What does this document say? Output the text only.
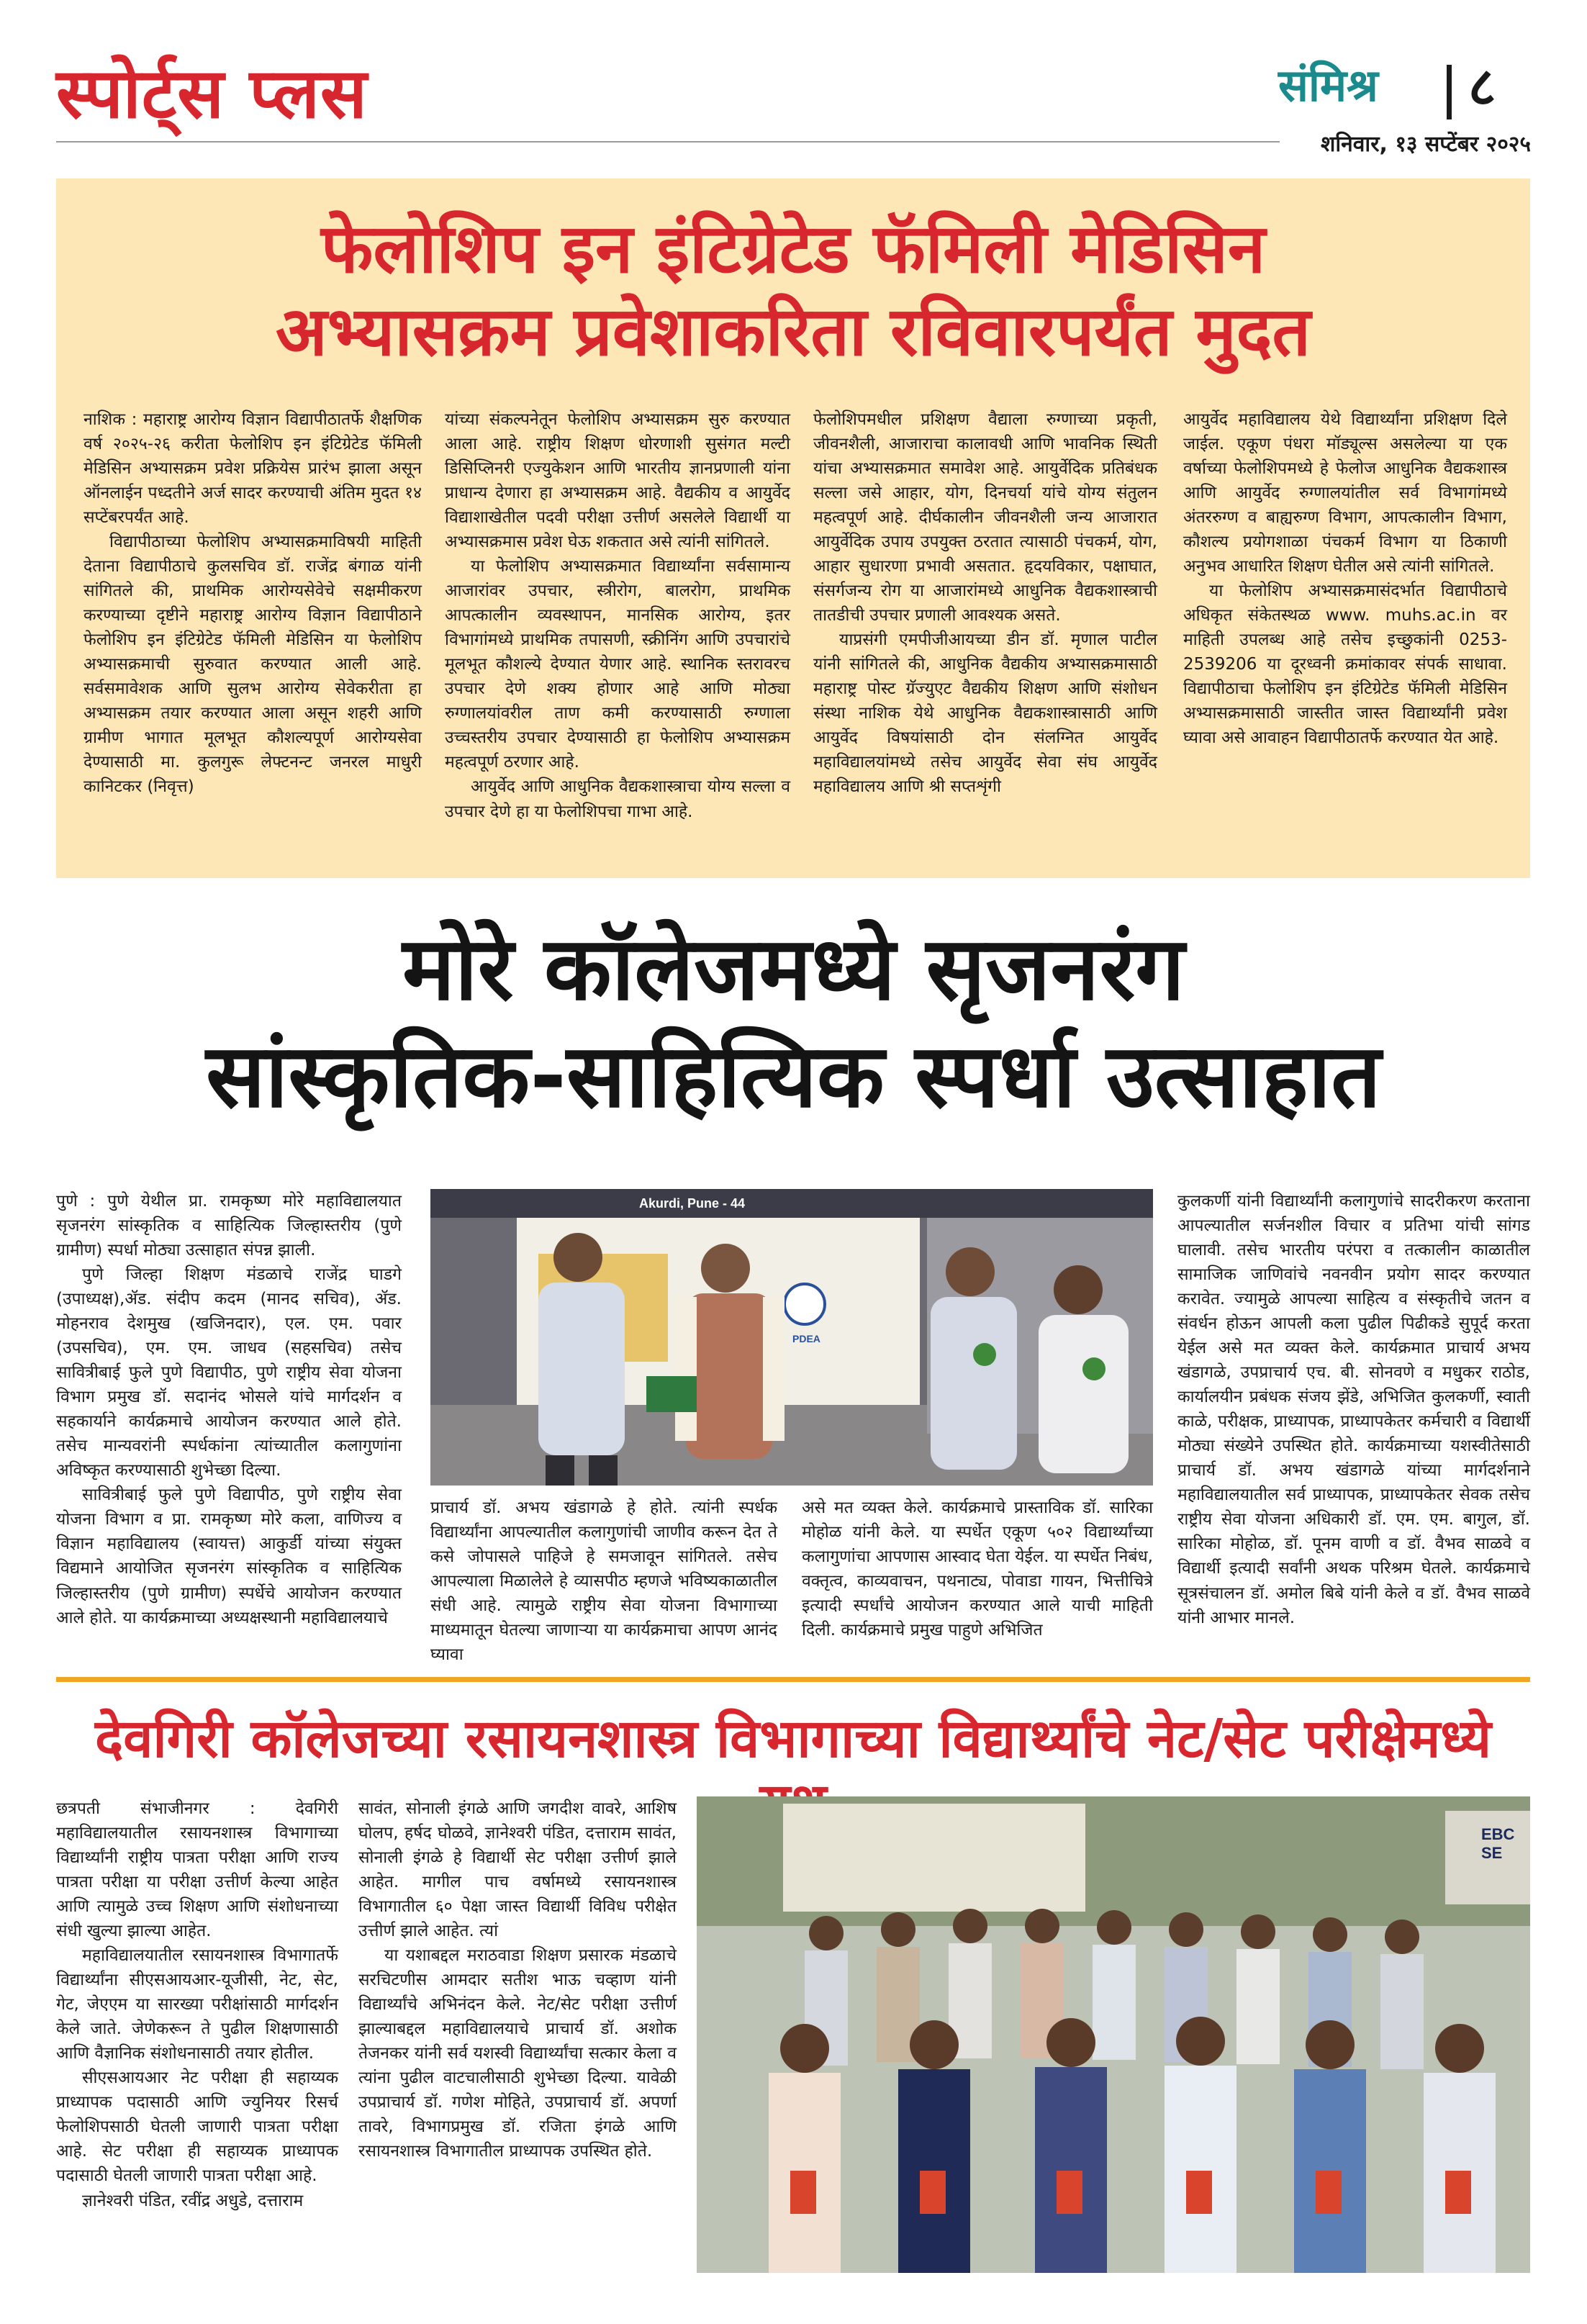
स्पोर्ट्स प्लस	संमिश्र ८
शनिवार, १३ सप्टेंबर २०२५
फेलोशिप इन इंटिग्रेटेड फॅमिली मेडिसिन
अभ्यासक्रम प्रवेशाकरिता रविवारपर्यंत मुदत

नाशिक : महाराष्ट्र आरोग्य विज्ञान विद्यापीठातर्फे शैक्षणिक वर्ष २०२५-२६ करीता फेलोशिप इन इंटिग्रेटेड फॅमिली मेडिसिन अभ्यासक्रम प्रवेश प्रक्रियेस प्रारंभ झाला असून ऑनलाईन पध्दतीने अर्ज सादर करण्याची अंतिम मुदत १४ सप्टेंबरपर्यंत आहे.

विद्यापीठाच्या फेलोशिप अभ्यासक्रमाविषयी माहिती देताना विद्यापीठाचे कुलसचिव डॉ. राजेंद्र बंगाळ यांनी सांगितले की, प्राथमिक आरोग्यसेवेचे सक्षमीकरण करण्याच्या दृष्टीने महाराष्ट्र आरोग्य विज्ञान विद्यापीठाने फेलोशिप इन इंटिग्रेटेड फॅमिली मेडिसिन या फेलोशिप अभ्यासक्रमाची सुरुवात करण्यात आली आहे. सर्वसमावेशक आणि सुलभ आरोग्य सेवेकरीता हा अभ्यासक्रम तयार करण्यात आला असून शहरी आणि ग्रामीण भागात मूलभूत कौशल्यपूर्ण आरोग्यसेवा देण्यासाठी मा. कुलगुरू लेफ्टनन्ट जनरल माधुरी कानिटकर (निवृत्त)

यांच्या संकल्पनेतून फेलोशिप अभ्यासक्रम सुरु करण्यात आला आहे. राष्ट्रीय शिक्षण धोरणाशी सुसंगत मल्टी डिसिप्लिनरी एज्युकेशन आणि भारतीय ज्ञानप्रणाली यांना प्राधान्य देणारा हा अभ्यासक्रम आहे. वैद्यकीय व आयुर्वेद विद्याशाखेतील पदवी परीक्षा उत्तीर्ण असलेले विद्यार्थी या अभ्यासक्रमास प्रवेश घेऊ शकतात असे त्यांनी सांगितले.

या फेलोशिप अभ्यासक्रमात विद्यार्थ्यांना सर्वसामान्य आजारांवर उपचार, स्त्रीरोग, बालरोग, प्राथमिक आपत्कालीन व्यवस्थापन, मानसिक आरोग्य, इतर विभागांमध्ये प्राथमिक तपासणी, स्क्रीनिंग आणि उपचारांचे मूलभूत कौशल्ये देण्यात येणार आहे. स्थानिक स्तरावरच उपचार देणे शक्य होणार आहे आणि मोठ्या रुग्णालयांवरील ताण कमी करण्यासाठी रुग्णाला उच्चस्तरीय उपचार देण्यासाठी हा फेलोशिप अभ्यासक्रम महत्वपूर्ण ठरणार आहे.

आयुर्वेद आणि आधुनिक वैद्यकशास्त्राचा योग्य सल्ला व उपचार देणे हा या फेलोशिपचा गाभा आहे.

फेलोशिपमधील प्रशिक्षण वैद्याला रुग्णाच्या प्रकृती, जीवनशैली, आजाराचा कालावधी आणि भावनिक स्थिती यांचा अभ्यासक्रमात समावेश आहे. आयुर्वेदिक प्रतिबंधक सल्ला जसे आहार, योग, दिनचर्या यांचे योग्य संतुलन महत्वपूर्ण आहे. दीर्घकालीन जीवनशैली जन्य आजारात आयुर्वेदिक उपाय उपयुक्त ठरतात त्यासाठी पंचकर्म, योग, आहार सुधारणा प्रभावी असतात. हृदयविकार, पक्षाघात, संसर्गजन्य रोग या आजारांमध्ये आधुनिक वैद्यकशास्त्राची तातडीची उपचार प्रणाली आवश्यक असते.

याप्रसंगी एमपीजीआयच्या डीन डॉ. मृणाल पाटील यांनी सांगितले की, आधुनिक वैद्यकीय अभ्यासक्रमासाठी महाराष्ट्र पोस्ट ग्रॅज्युएट वैद्यकीय शिक्षण आणि संशोधन संस्था नाशिक येथे आधुनिक वैद्यकशास्त्रासाठी आणि आयुर्वेद विषयांसाठी दोन संलग्नित आयुर्वेद महाविद्यालयांमध्ये तसेच आयुर्वेद सेवा संघ आयुर्वेद महाविद्यालय आणि श्री सप्तशृंगी

आयुर्वेद महाविद्यालय येथे विद्यार्थ्यांना प्रशिक्षण दिले जाईल. एकूण पंधरा मॉड्यूल्स असलेल्या या एक वर्षाच्या फेलोशिपमध्ये हे फेलोज आधुनिक वैद्यकशास्त्र आणि आयुर्वेद रुग्णालयांतील सर्व विभागांमध्ये अंतररुग्ण व बाह्यरुग्ण विभाग, आपत्कालीन विभाग, कौशल्य प्रयोगशाळा पंचकर्म विभाग या ठिकाणी अनुभव आधारित शिक्षण घेतील असे त्यांनी सांगितले.

या फेलोशिप अभ्यासक्रमासंदर्भात विद्यापीठाचे अधिकृत संकेतस्थळ www. muhs.ac.in वर माहिती उपलब्ध आहे तसेच इच्छुकांनी 0253-2539206 या दूरध्वनी क्रमांकावर संपर्क साधावा. विद्यापीठाचा फेलोशिप इन इंटिग्रेटेड फॅमिली मेडिसिन अभ्यासक्रमासाठी जास्तीत जास्त विद्यार्थ्यांनी प्रवेश घ्यावा असे आवाहन विद्यापीठातर्फे करण्यात येत आहे.

मोरे कॉलेजमध्ये सृजनरंग
सांस्कृतिक-साहित्यिक स्पर्धा उत्साहात

पुणे : पुणे येथील प्रा. रामकृष्ण मोरे महाविद्यालयात सृजनरंग सांस्कृतिक व साहित्यिक जिल्हास्तरीय (पुणे ग्रामीण) स्पर्धा मोठ्या उत्साहात संपन्न झाली.

पुणे जिल्हा शिक्षण मंडळाचे राजेंद्र घाडगे (उपाध्यक्ष),ॲड. संदीप कदम (मानद सचिव), ॲड. मोहनराव देशमुख (खजिनदार), एल. एम. पवार (उपसचिव), एम. एम. जाधव (सहसचिव) तसेच सावित्रीबाई फुले पुणे विद्यापीठ, पुणे राष्ट्रीय सेवा योजना विभाग प्रमुख डॉ. सदानंद भोसले यांचे मार्गदर्शन व सहकार्याने कार्यक्रमाचे आयोजन करण्यात आले होते. तसेच मान्यवरांनी स्पर्धकांना त्यांच्यातील कलागुणांना अविष्कृत करण्यासाठी शुभेच्छा दिल्या.

सावित्रीबाई फुले पुणे विद्यापीठ, पुणे राष्ट्रीय सेवा योजना विभाग व प्रा. रामकृष्ण मोरे कला, वाणिज्य व विज्ञान महाविद्यालय (स्वायत्त) आकुर्डी यांच्या संयुक्त विद्यमाने आयोजित सृजनरंग सांस्कृतिक व साहित्यिक जिल्हास्तरीय (पुणे ग्रामीण) स्पर्धेचे आयोजन करण्यात आले होते. या कार्यक्रमाच्या अध्यक्षस्थानी महाविद्यालयाचे

Akurdi, Pune - 44
PDEA

प्राचार्य डॉ. अभय खंडागळे हे होते. त्यांनी स्पर्धक विद्यार्थ्यांना आपल्यातील कलागुणांची जाणीव करून देत ते कसे जोपासले पाहिजे हे समजावून सांगितले. तसेच आपल्याला मिळालेले हे व्यासपीठ म्हणजे भविष्यकाळातील संधी आहे. त्यामुळे राष्ट्रीय सेवा योजना विभागाच्या माध्यमातून घेतल्या जाणाऱ्या या कार्यक्रमाचा आपण आनंद घ्यावा

असे मत व्यक्त केले. कार्यक्रमाचे प्रास्ताविक डॉ. सारिका मोहोळ यांनी केले. या स्पर्धेत एकूण ५०२ विद्यार्थ्यांच्या कलागुणांचा आपणास आस्वाद घेता येईल. या स्पर्धेत निबंध, वक्तृत्व, काव्यवाचन, पथनाट्य, पोवाडा गायन, भित्तीचित्रे इत्यादी स्पर्धांचे आयोजन करण्यात आले याची माहिती दिली. कार्यक्रमाचे प्रमुख पाहुणे अभिजित

कुलकर्णी यांनी विद्यार्थ्यांनी कलागुणांचे सादरीकरण करताना आपल्यातील सर्जनशील विचार व प्रतिभा यांची सांगड घालावी. तसेच भारतीय परंपरा व तत्कालीन काळातील सामाजिक जाणिवांचे नवनवीन प्रयोग सादर करण्यात करावेत. ज्यामुळे आपल्या साहित्य व संस्कृतीचे जतन व संवर्धन होऊन आपली कला पुढील पिढीकडे सुपूर्द करता येईल असे मत व्यक्त केले. कार्यक्रमात प्राचार्य अभय खंडागळे, उपप्राचार्य एच. बी. सोनवणे व मधुकर राठोड, कार्यालयीन प्रबंधक संजय झेंडे, अभिजित कुलकर्णी, स्वाती काळे, परीक्षक, प्राध्यापक, प्राध्यापकेतर कर्मचारी व विद्यार्थी मोठ्या संख्येने उपस्थित होते. कार्यक्रमाच्या यशस्वीतेसाठी प्राचार्य डॉ. अभय खंडागळे यांच्या मार्गदर्शनाने महाविद्यालयातील सर्व प्राध्यापक, प्राध्यापकेतर सेवक तसेच राष्ट्रीय सेवा योजना अधिकारी डॉ. एम. एम. बागुल, डॉ. सारिका मोहोळ, डॉ. पूनम वाणी व डॉ. वैभव साळवे व विद्यार्थी इत्यादी सर्वांनी अथक परिश्रम घेतले. कार्यक्रमाचे सूत्रसंचालन डॉ. अमोल बिबे यांनी केले व डॉ. वैभव साळवे यांनी आभार मानले.

देवगिरी कॉलेजच्या रसायनशास्त्र विभागाच्या विद्यार्थ्यांचे नेट/सेट परीक्षेमध्ये

छत्रपती संभाजीनगर : देवगिरी महाविद्यालयातील रसायनशास्त्र विभागाच्या विद्यार्थ्यांनी राष्ट्रीय पात्रता परीक्षा आणि राज्य पात्रता परीक्षा या परीक्षा उत्तीर्ण केल्या आहेत आणि त्यामुळे उच्च शिक्षण आणि संशोधनाच्या संधी खुल्या झाल्या आहेत.

महाविद्यालयातील रसायनशास्त्र विभागातर्फे विद्यार्थ्यांना सीएसआयआर-यूजीसी, नेट, सेट, गेट, जेएएम या सारख्या परीक्षांसाठी मार्गदर्शन केले जाते. जेणेकरून ते पुढील शिक्षणासाठी आणि वैज्ञानिक संशोधनासाठी तयार होतील.

सीएसआयआर नेट परीक्षा ही सहाय्यक प्राध्यापक पदासाठी आणि ज्युनियर रिसर्च फेलोशिपसाठी घेतली जाणारी पात्रता परीक्षा आहे. सेट परीक्षा ही सहाय्यक प्राध्यापक पदासाठी घेतली जाणारी पात्रता परीक्षा आहे.

ज्ञानेश्वरी पंडित, रवींद्र अधुडे, दत्ताराम

सावंत, सोनाली इंगळे आणि जगदीश वावरे, आशिष घोलप, हर्षद घोळवे, ज्ञानेश्वरी पंडित, दत्ताराम सावंत, सोनाली इंगळे हे विद्यार्थी सेट परीक्षा उत्तीर्ण झाले आहेत. मागील पाच वर्षामध्ये रसायनशास्त्र विभागातील ६० पेक्षा जास्त विद्यार्थी विविध परीक्षेत उत्तीर्ण झाले आहेत. त्यां

या यशाबद्दल मराठवाडा शिक्षण प्रसारक मंडळाचे सरचिटणीस आमदार सतीश भाऊ चव्हाण यांनी विद्यार्थ्यांचे अभिनंदन केले. नेट/सेट परीक्षा उत्तीर्ण झाल्याबद्दल महाविद्यालयाचे प्राचार्य डॉ. अशोक तेजनकर यांनी सर्व यशस्वी विद्यार्थ्यांचा सत्कार केला व त्यांना पुढील वाटचालीसाठी शुभेच्छा दिल्या. यावेळी उपप्राचार्य डॉ. गणेश मोहिते, उपप्राचार्य डॉ. अपर्णा तावरे, विभागप्रमुख डॉ. रजिता इंगळे आणि रसायनशास्त्र विभागातील प्राध्यापक उपस्थित होते.

EBC SE
